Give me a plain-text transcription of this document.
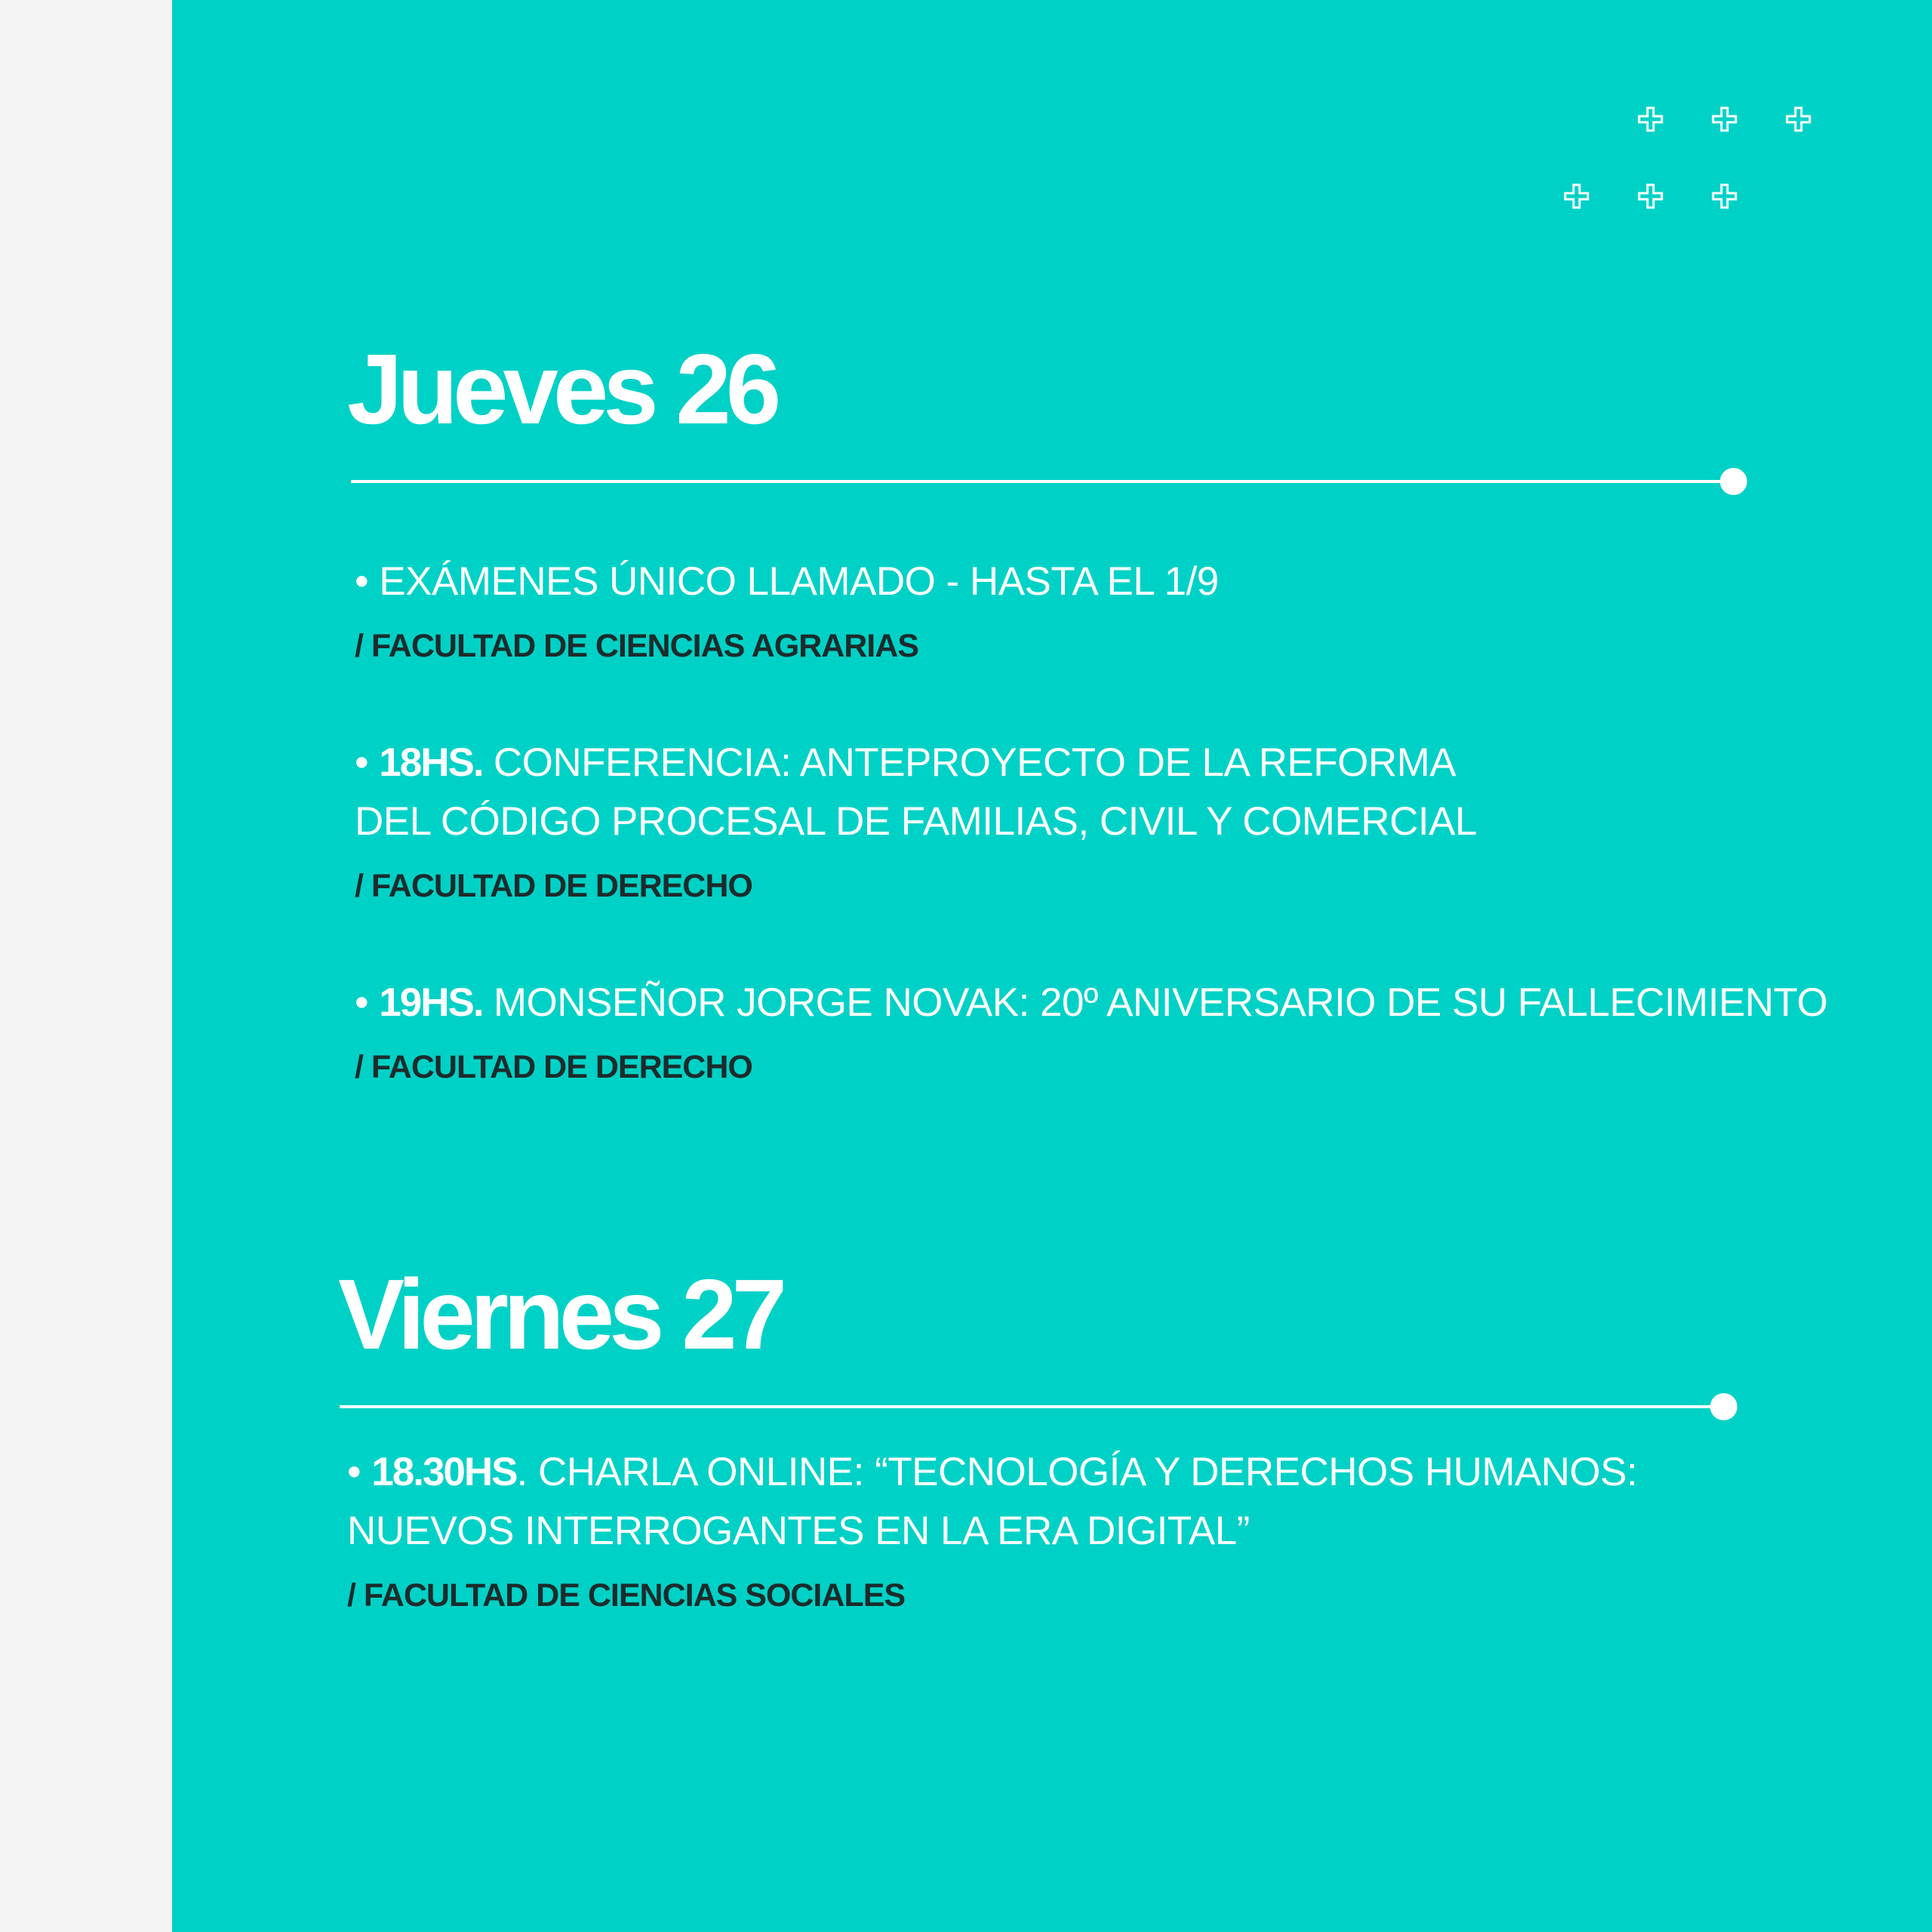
Jueves 26

• EXÁMENES ÚNICO LLAMADO - HASTA EL 1/9

/ FACULTAD DE CIENCIAS AGRARIAS

• 18HS. CONFERENCIA: ANTEPROYECTO DE LA REFORMA

DEL CÓDIGO PROCESAL DE FAMILIAS, CIVIL Y COMERCIAL

/ FACULTAD DE DERECHO

• 19HS. MONSEÑOR JORGE NOVAK: 20º ANIVERSARIO DE SU FALLECIMIENTO

/ FACULTAD DE DERECHO

Viernes 27

• 18.30HS. CHARLA ONLINE: “TECNOLOGÍA Y DERECHOS HUMANOS:

NUEVOS INTERROGANTES EN LA ERA DIGITAL”

/ FACULTAD DE CIENCIAS SOCIALES
